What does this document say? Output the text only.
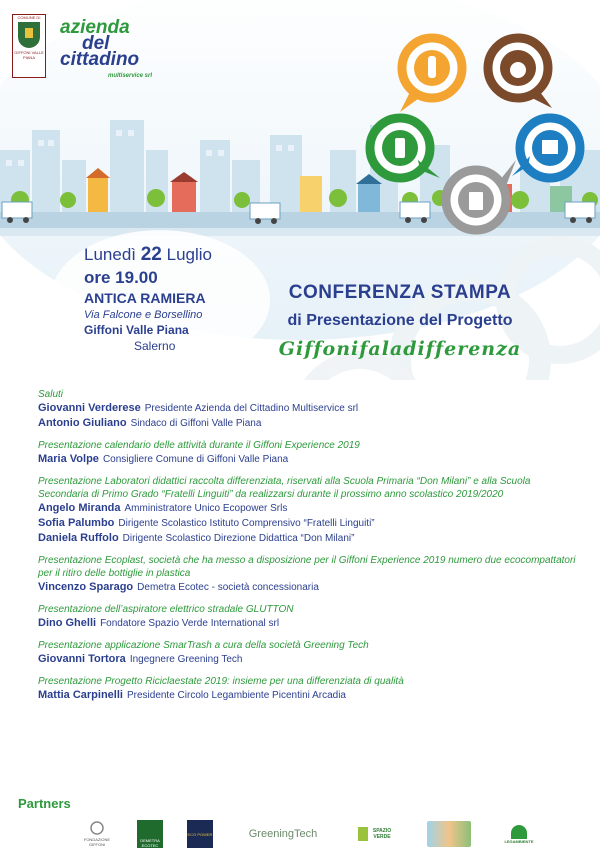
COMUNE DI
GIFFONI VALLE PIANA
azienda
del
cittadino
multiservice srl
Lunedì 22 Luglio
ore 19.00
ANTICA RAMIERA
Via Falcone e Borsellino
Giffoni Valle Piana
Salerno
CONFERENZA STAMPA
di Presentazione del Progetto
Giffonifaladifferenza
Saluti
Giovanni Verderese Presidente Azienda del Cittadino Multiservice srl
Antonio Giuliano Sindaco di Giffoni Valle Piana
Presentazione calendario delle attività durante il Giffoni Experience 2019
Maria Volpe Consigliere Comune di Giffoni Valle Piana
Presentazione Laboratori didattici raccolta differenziata, riservati alla Scuola Primaria “Don Milani” e alla Scuola Secondaria di Primo Grado “Fratelli Linguiti” da realizzarsi durante il prossimo anno scolastico 2019/2020
Angelo Miranda Amministratore Unico Ecopower Srls
Sofia Palumbo Dirigente Scolastico Istituto Comprensivo “Fratelli Linguiti”
Daniela Ruffolo Dirigente Scolastico Direzione Didattica “Don Milani”
Presentazione Ecoplast, società che ha messo a disposizione per il Giffoni Experience 2019 numero due ecocompattatori per il ritiro delle bottiglie in plastica
Vincenzo Sparago Demetra Ecotec - società concessionaria
Presentazione dell’aspiratore elettrico stradale GLUTTON
Dino Ghelli Fondatore Spazio Verde International srl
Presentazione applicazione SmarTrash a cura della società Greening Tech
Giovanni Tortora Ingegnere Greening Tech
Presentazione Progetto Riciclaestate 2019: insieme per una differenziata di qualità
Mattia Carpinelli Presidente Circolo Legambiente Picentini Arcadia
Partners
FONDAZIONE GIFFONI
DEMETRA ECOTEC
ECO POWER	GreeningTech	SPAZIO VERDE
LEGAMBIENTE
